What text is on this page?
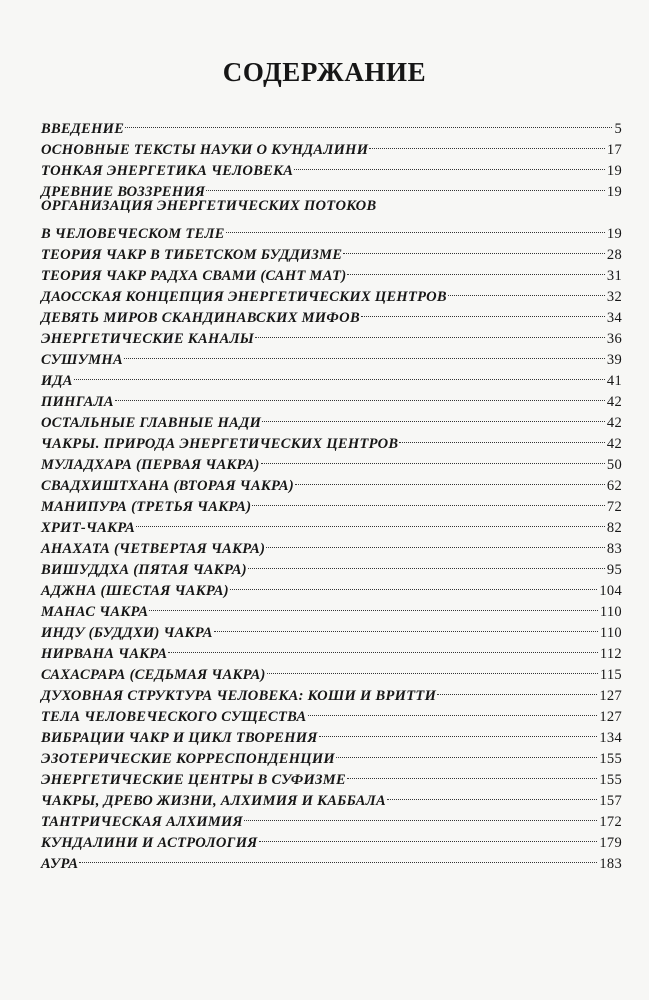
СОДЕРЖАНИЕ
ВВЕДЕНИЕ	5
ОСНОВНЫЕ ТЕКСТЫ НАУКИ О КУНДАЛИНИ	17
ТОНКАЯ ЭНЕРГЕТИКА ЧЕЛОВЕКА	19
ДРЕВНИЕ ВОЗЗРЕНИЯ	19
ОРГАНИЗАЦИЯ ЭНЕРГЕТИЧЕСКИХ ПОТОКОВ
В ЧЕЛОВЕЧЕСКОМ ТЕЛЕ	19
ТЕОРИЯ ЧАКР В ТИБЕТСКОМ БУДДИЗМЕ	28
ТЕОРИЯ ЧАКР РАДХА СВАМИ (САНТ МАТ)	31
ДАОССКАЯ КОНЦЕПЦИЯ ЭНЕРГЕТИЧЕСКИХ ЦЕНТРОВ	32
ДЕВЯТЬ МИРОВ СКАНДИНАВСКИХ МИФОВ	34
ЭНЕРГЕТИЧЕСКИЕ КАНАЛЫ	36
СУШУМНА	39
ИДА	41
ПИНГАЛА	42
ОСТАЛЬНЫЕ ГЛАВНЫЕ НАДИ	42
ЧАКРЫ. ПРИРОДА ЭНЕРГЕТИЧЕСКИХ ЦЕНТРОВ	42
МУЛАДХАРА (ПЕРВАЯ ЧАКРА)	50
СВАДХИШТХАНА (ВТОРАЯ ЧАКРА)	62
МАНИПУРА (ТРЕТЬЯ ЧАКРА)	72
ХРИТ-ЧАКРА	82
АНАХАТА (ЧЕТВЕРТАЯ ЧАКРА)	83
ВИШУДДХА (ПЯТАЯ ЧАКРА)	95
АДЖНА (ШЕСТАЯ ЧАКРА)	104
МАНАС ЧАКРА	110
ИНДУ (БУДДХИ) ЧАКРА	110
НИРВАНА ЧАКРА	112
САХАСРАРА (СЕДЬМАЯ ЧАКРА)	115
ДУХОВНАЯ СТРУКТУРА ЧЕЛОВЕКА: КОШИ И ВРИТТИ	127
ТЕЛА ЧЕЛОВЕЧЕСКОГО СУЩЕСТВА	127
ВИБРАЦИИ ЧАКР И ЦИКЛ ТВОРЕНИЯ	134
ЭЗОТЕРИЧЕСКИЕ КОРРЕСПОНДЕНЦИИ	155
ЭНЕРГЕТИЧЕСКИЕ ЦЕНТРЫ В СУФИЗМЕ	155
ЧАКРЫ, ДРЕВО ЖИЗНИ, АЛХИМИЯ И КАББАЛА	157
ТАНТРИЧЕСКАЯ АЛХИМИЯ	172
КУНДАЛИНИ И АСТРОЛОГИЯ	179
АУРА	183
